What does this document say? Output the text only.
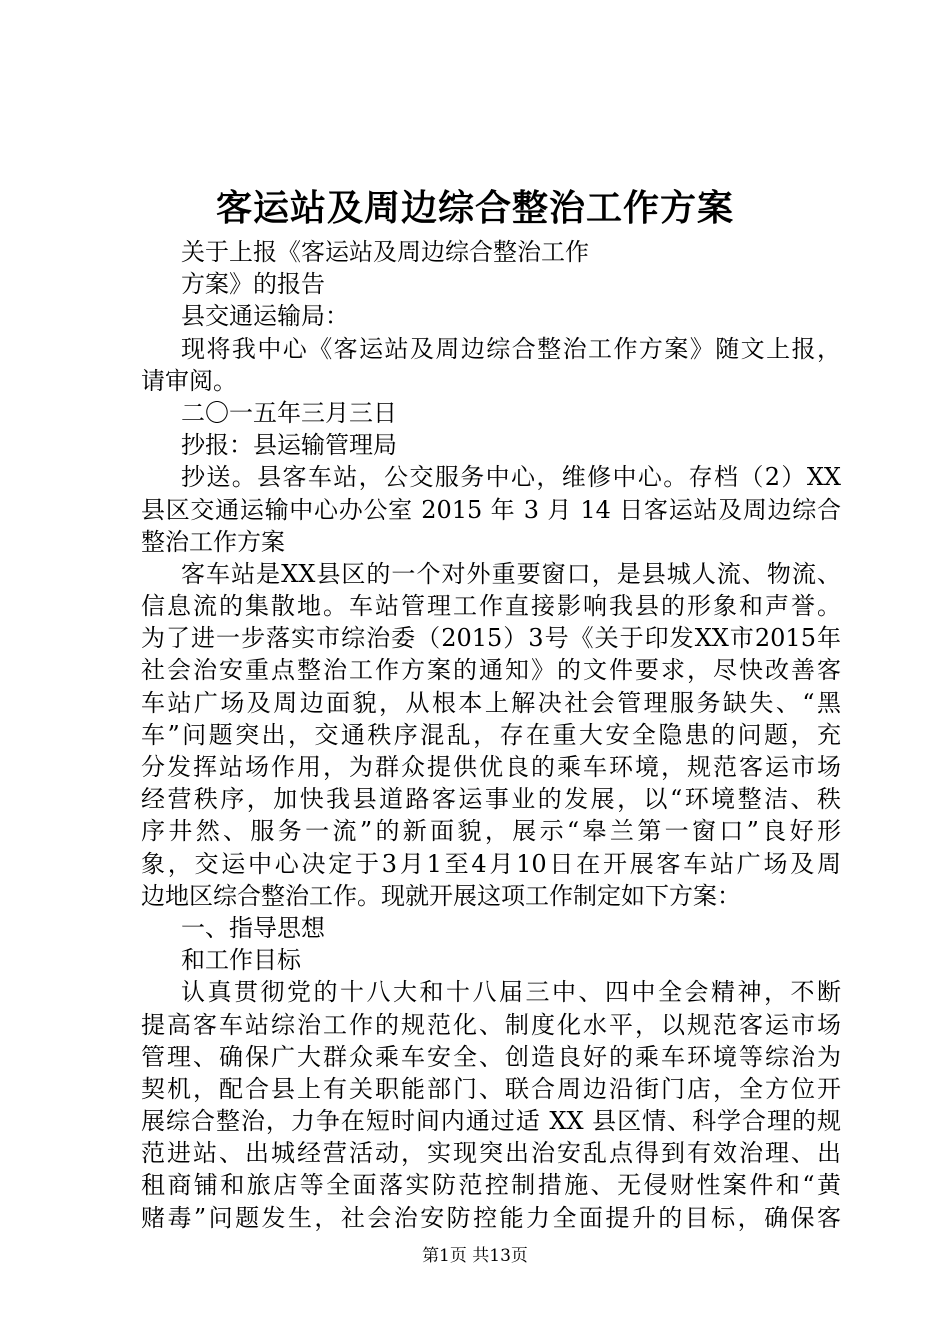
客运站及周边综合整治工作方案
关于上报《客运站及周边综合整治工作
方案》的报告
县交通运输局：
现将我中心《客运站及周边综合整治工作方案》随文上报，
请审阅。
二〇一五年三月三日
抄报：县运输管理局
抄送。县客车站，公交服务中心，维修中心。存档（2）XX
县区交通运输中心办公室 2015 年 3 月 14 日客运站及周边综合
整治工作方案
客车站是XX县区的一个对外重要窗口，是县城人流、物流、
信息流的集散地。车站管理工作直接影响我县的形象和声誉。
为了进一步落实市综治委（2015）3号《关于印发XX市2015年
社会治安重点整治工作方案的通知》的文件要求，尽快改善客
车站广场及周边面貌，从根本上解决社会管理服务缺失、“黑
车”问题突出，交通秩序混乱，存在重大安全隐患的问题，充
分发挥站场作用，为群众提供优良的乘车环境，规范客运市场
经营秩序，加快我县道路客运事业的发展，以“环境整洁、秩
序井然、服务一流”的新面貌，展示“皋兰第一窗口”良好形
象，交运中心决定于3月1至4月10日在开展客车站广场及周
边地区综合整治工作。现就开展这项工作制定如下方案：
一、指导思想
和工作目标
认真贯彻党的十八大和十八届三中、四中全会精神，不断
提高客车站综治工作的规范化、制度化水平，以规范客运市场
管理、确保广大群众乘车安全、创造良好的乘车环境等综治为
契机，配合县上有关职能部门、联合周边沿街门店，全方位开
展综合整治，力争在短时间内通过适 XX 县区情、科学合理的规
范进站、出城经营活动，实现突出治安乱点得到有效治理、出
租商铺和旅店等全面落实防范控制措施、无侵财性案件和“黄
赌毒”问题发生，社会治安防控能力全面提升的目标，确保客
第1页 共13页
